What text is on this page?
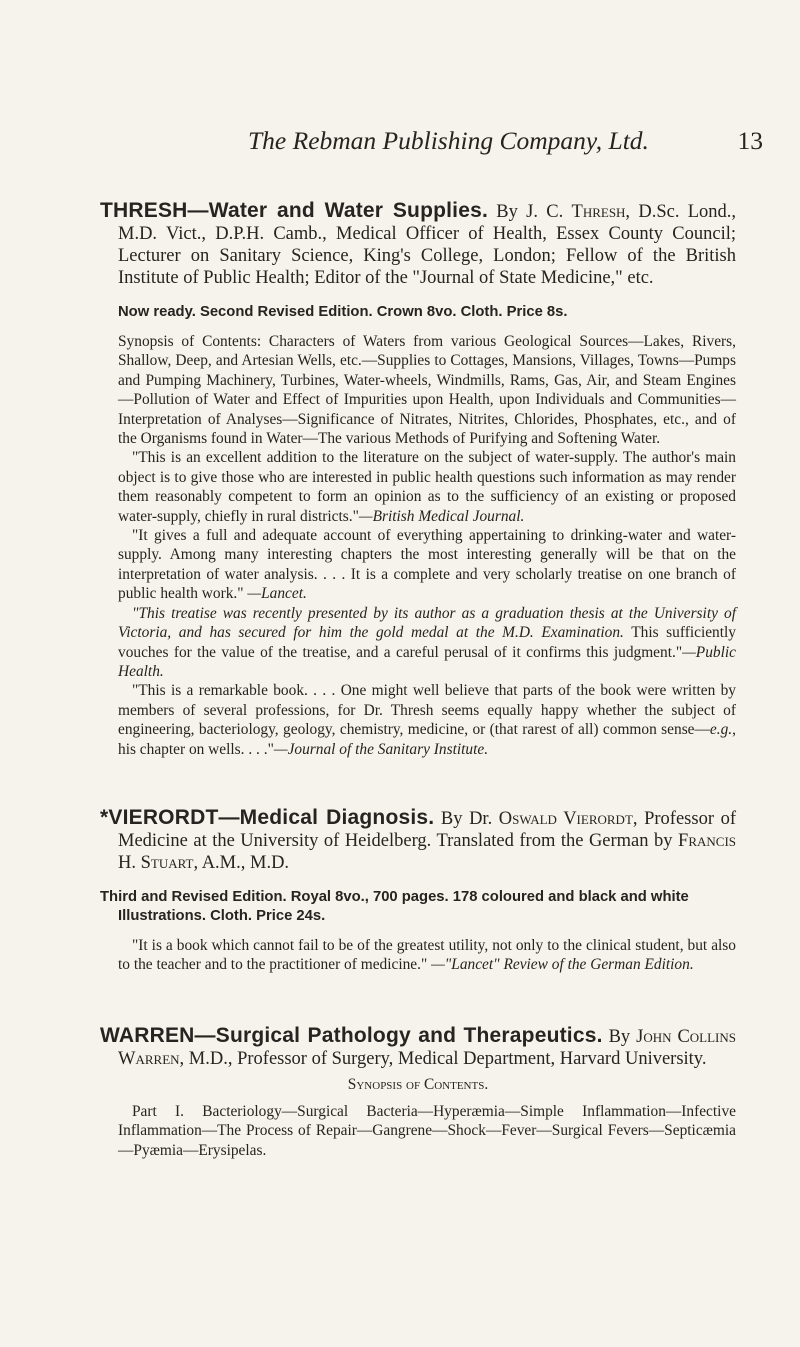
The Rebman Publishing Company, Ltd.	13

THRESH—Water and Water Supplies. By J. C. Thresh, D.Sc. Lond., M.D. Vict., D.P.H. Camb., Medical Officer of Health, Essex County Council; Lecturer on Sanitary Science, King's College, London; Fellow of the British Institute of Public Health; Editor of the "Journal of State Medicine," etc.

Now ready. Second Revised Edition. Crown 8vo. Cloth. Price 8s.

Synopsis of Contents: Characters of Waters from various Geological Sources—Lakes, Rivers, Shallow, Deep, and Artesian Wells, etc.—Supplies to Cottages, Mansions, Villages, Towns—Pumps and Pumping Machinery, Turbines, Water-wheels, Windmills, Rams, Gas, Air, and Steam Engines—Pollution of Water and Effect of Impurities upon Health, upon Individuals and Communities—Interpretation of Analyses—Significance of Nitrates, Nitrites, Chlorides, Phosphates, etc., and of the Organisms found in Water—The various Methods of Purifying and Softening Water.

"This is an excellent addition to the literature on the subject of water-supply. The author's main object is to give those who are interested in public health questions such information as may render them reasonably competent to form an opinion as to the sufficiency of an existing or proposed water-supply, chiefly in rural districts."—British Medical Journal.

"It gives a full and adequate account of everything appertaining to drinking-water and water-supply. Among many interesting chapters the most interesting generally will be that on the interpretation of water analysis. . . . It is a complete and very scholarly treatise on one branch of public health work." —Lancet.

"This treatise was recently presented by its author as a graduation thesis at the University of Victoria, and has secured for him the gold medal at the M.D. Examination. This sufficiently vouches for the value of the treatise, and a careful perusal of it confirms this judgment."—Public Health.

"This is a remarkable book. . . . One might well believe that parts of the book were written by members of several professions, for Dr. Thresh seems equally happy whether the subject of engineering, bacteriology, geology, chemistry, medicine, or (that rarest of all) common sense—e.g., his chapter on wells. . . ."—Journal of the Sanitary Institute.

*VIERORDT—Medical Diagnosis. By Dr. Oswald Vierordt, Professor of Medicine at the University of Heidelberg. Translated from the German by Francis H. Stuart, A.M., M.D.

Third and Revised Edition. Royal 8vo., 700 pages. 178 coloured and black and white Illustrations. Cloth. Price 24s.

"It is a book which cannot fail to be of the greatest utility, not only to the clinical student, but also to the teacher and to the practitioner of medicine." —"Lancet" Review of the German Edition.

WARREN—Surgical Pathology and Therapeutics. By John Collins Warren, M.D., Professor of Surgery, Medical Department, Harvard University.

Synopsis of Contents.

Part I. Bacteriology—Surgical Bacteria—Hyperæmia—Simple Inflammation—Infective Inflammation—The Process of Repair—Gangrene—Shock—Fever—Surgical Fevers—Septicæmia—Pyæmia—Erysipelas.
